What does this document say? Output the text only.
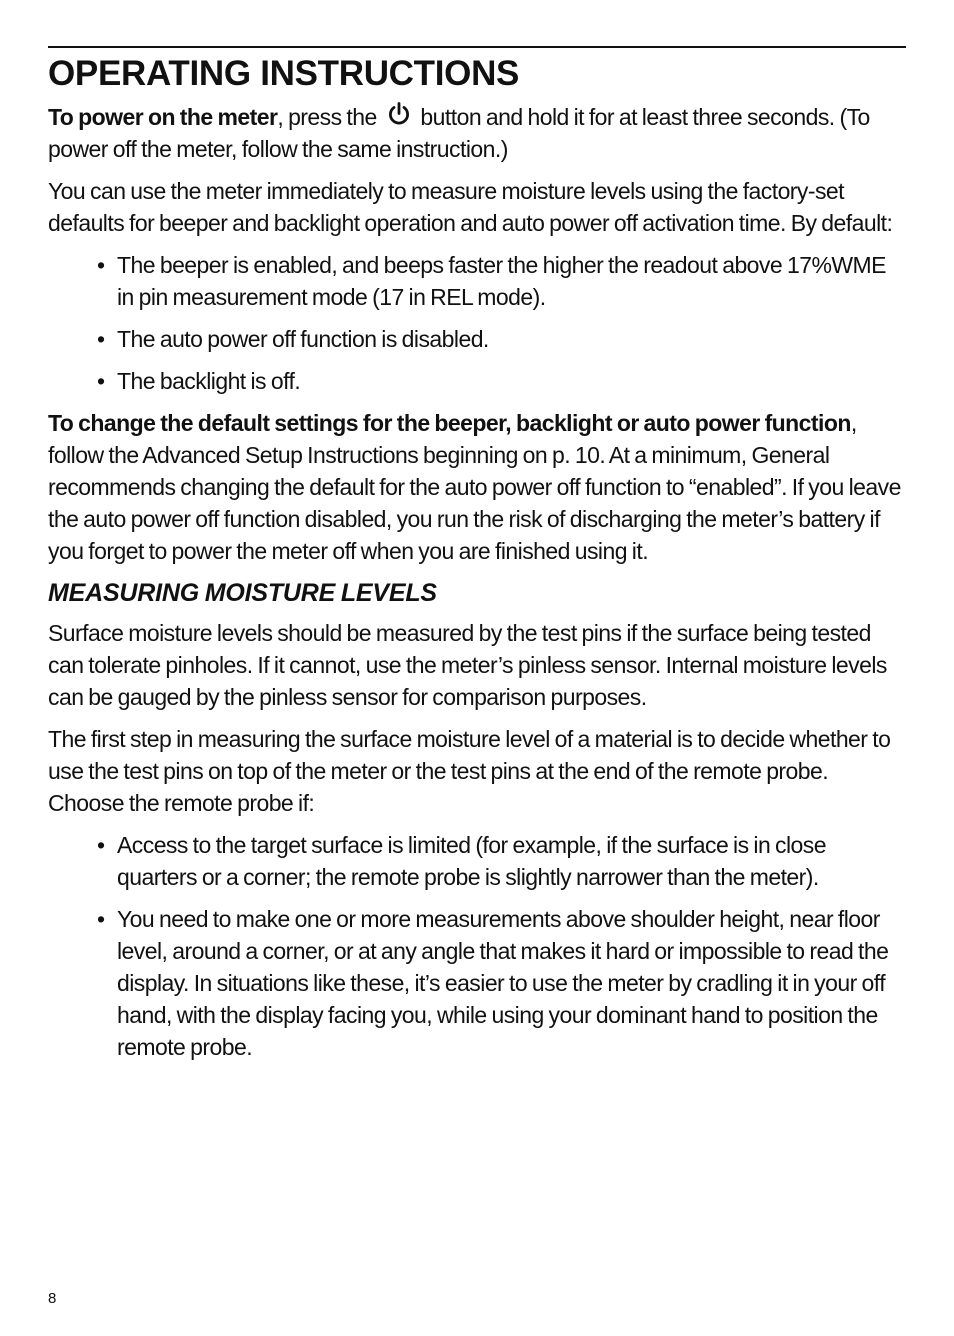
OPERATING INSTRUCTIONS

To power on the meter, press the button and hold it for at least three seconds. (To power off the meter, follow the same instruction.)

You can use the meter immediately to measure moisture levels using the factory-set defaults for beeper and backlight operation and auto power off activation time. By default:

• The beeper is enabled, and beeps faster the higher the readout above 17%WME in pin measurement mode (17 in REL mode).
• The auto power off function is disabled.
• The backlight is off.

To change the default settings for the beeper, backlight or auto power function, follow the Advanced Setup Instructions beginning on p. 10. At a minimum, General recommends changing the default for the auto power off function to “enabled”. If you leave the auto power off function disabled, you run the risk of discharging the meter’s battery if you forget to power the meter off when you are finished using it.

MEASURING MOISTURE LEVELS

Surface moisture levels should be measured by the test pins if the surface being tested can tolerate pinholes. If it cannot, use the meter’s pinless sensor. Internal moisture levels can be gauged by the pinless sensor for comparison purposes.

The first step in measuring the surface moisture level of a material is to decide whether to use the test pins on top of the meter or the test pins at the end of the remote probe. Choose the remote probe if:

• Access to the target surface is limited (for example, if the surface is in close quarters or a corner; the remote probe is slightly narrower than the meter).
• You need to make one or more measurements above shoulder height, near floor level, around a corner, or at any angle that makes it hard or impossible to read the display. In situations like these, it’s easier to use the meter by cradling it in your off hand, with the display facing you, while using your dominant hand to position the remote probe.
8
